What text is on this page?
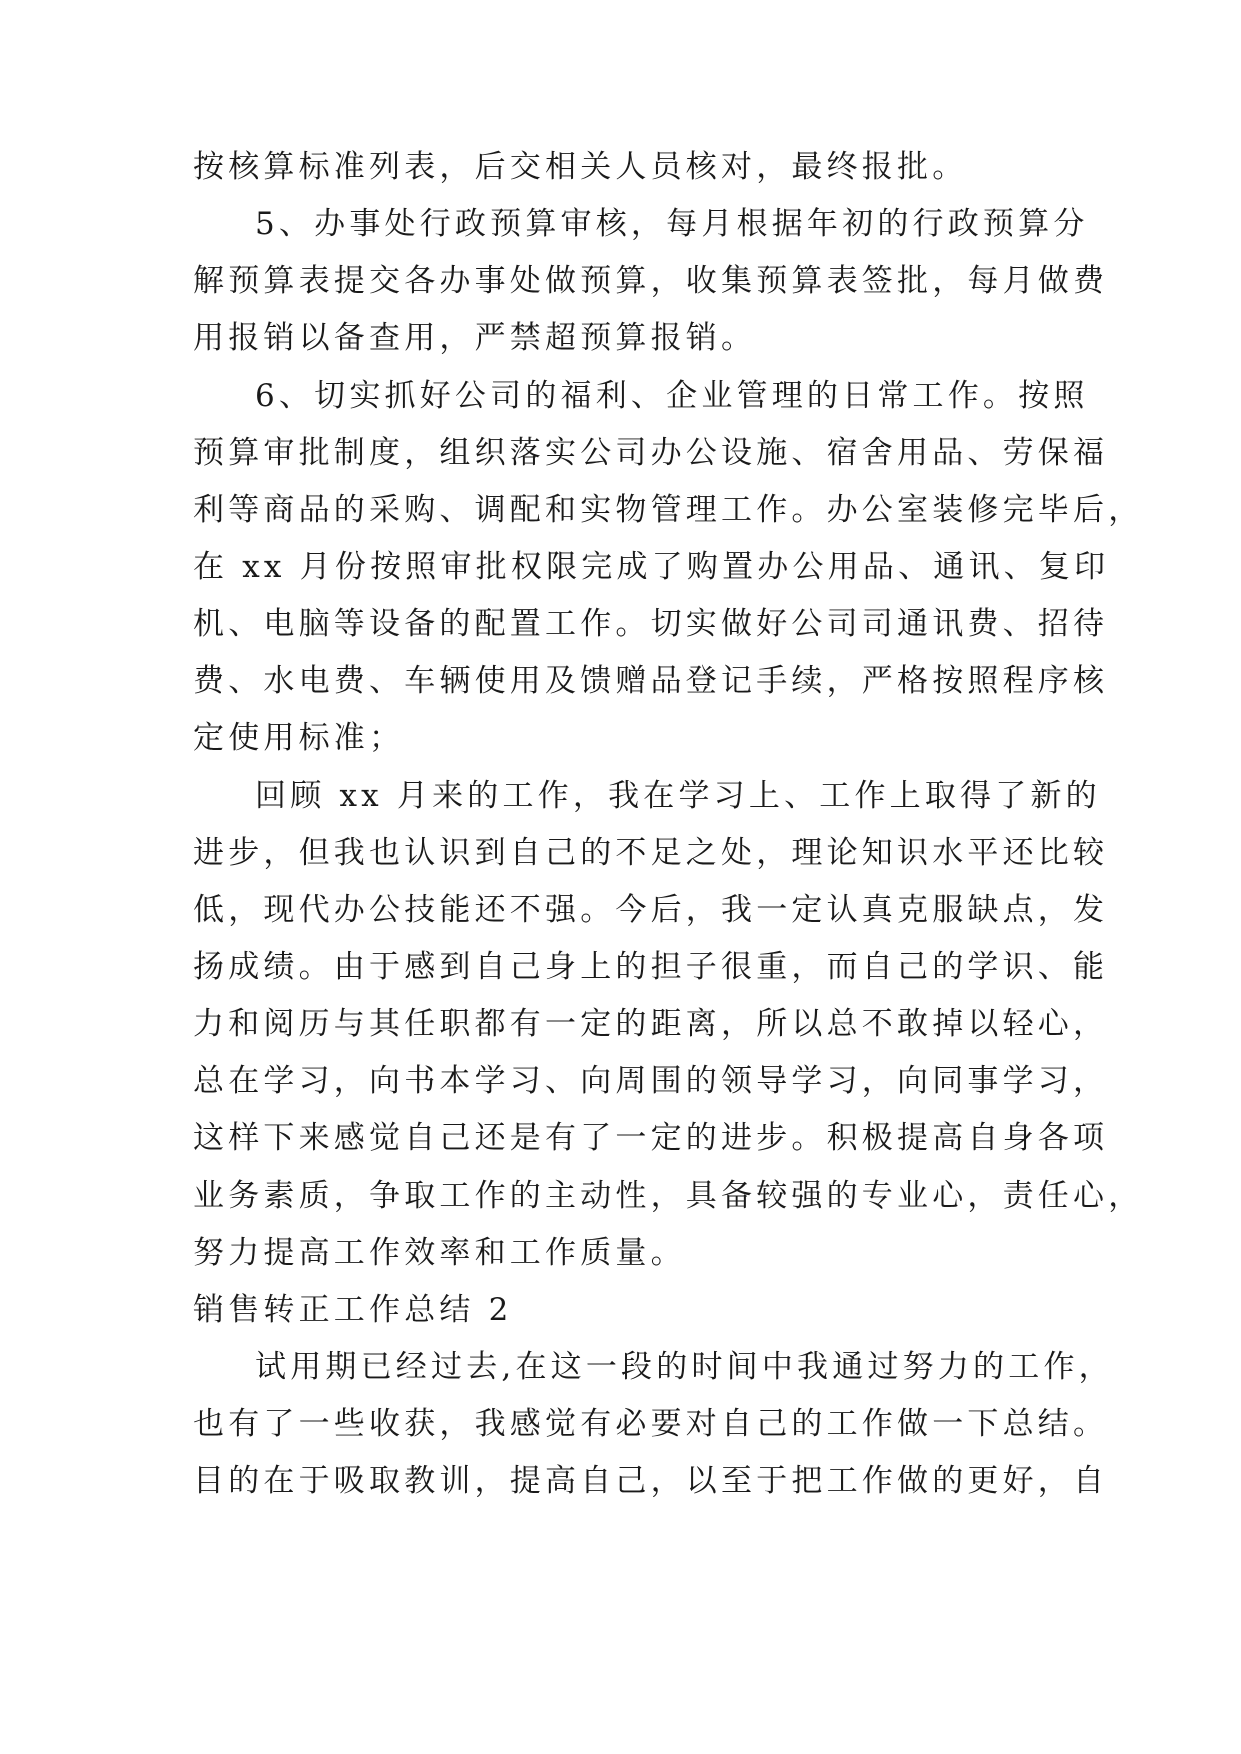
按核算标准列表，后交相关人员核对，最终报批。
5、办事处行政预算审核，每月根据年初的行政预算分
解预算表提交各办事处做预算，收集预算表签批，每月做费
用报销以备查用，严禁超预算报销。
6、切实抓好公司的福利、企业管理的日常工作。按照
预算审批制度，组织落实公司办公设施、宿舍用品、劳保福
利等商品的采购、调配和实物管理工作。办公室装修完毕后，
在 xx 月份按照审批权限完成了购置办公用品、通讯、复印
机、电脑等设备的配置工作。切实做好公司司通讯费、招待
费、水电费、车辆使用及馈赠品登记手续，严格按照程序核
定使用标准；
回顾 xx 月来的工作，我在学习上、工作上取得了新的
进步，但我也认识到自己的不足之处，理论知识水平还比较
低，现代办公技能还不强。今后，我一定认真克服缺点，发
扬成绩。由于感到自己身上的担子很重，而自己的学识、能
力和阅历与其任职都有一定的距离，所以总不敢掉以轻心，
总在学习，向书本学习、向周围的领导学习，向同事学习，
这样下来感觉自己还是有了一定的进步。积极提高自身各项
业务素质，争取工作的主动性，具备较强的专业心，责任心，
努力提高工作效率和工作质量。
销售转正工作总结 2
试用期已经过去,在这一段的时间中我通过努力的工作，
也有了一些收获，我感觉有必要对自己的工作做一下总结。
目的在于吸取教训，提高自己，以至于把工作做的更好，自
